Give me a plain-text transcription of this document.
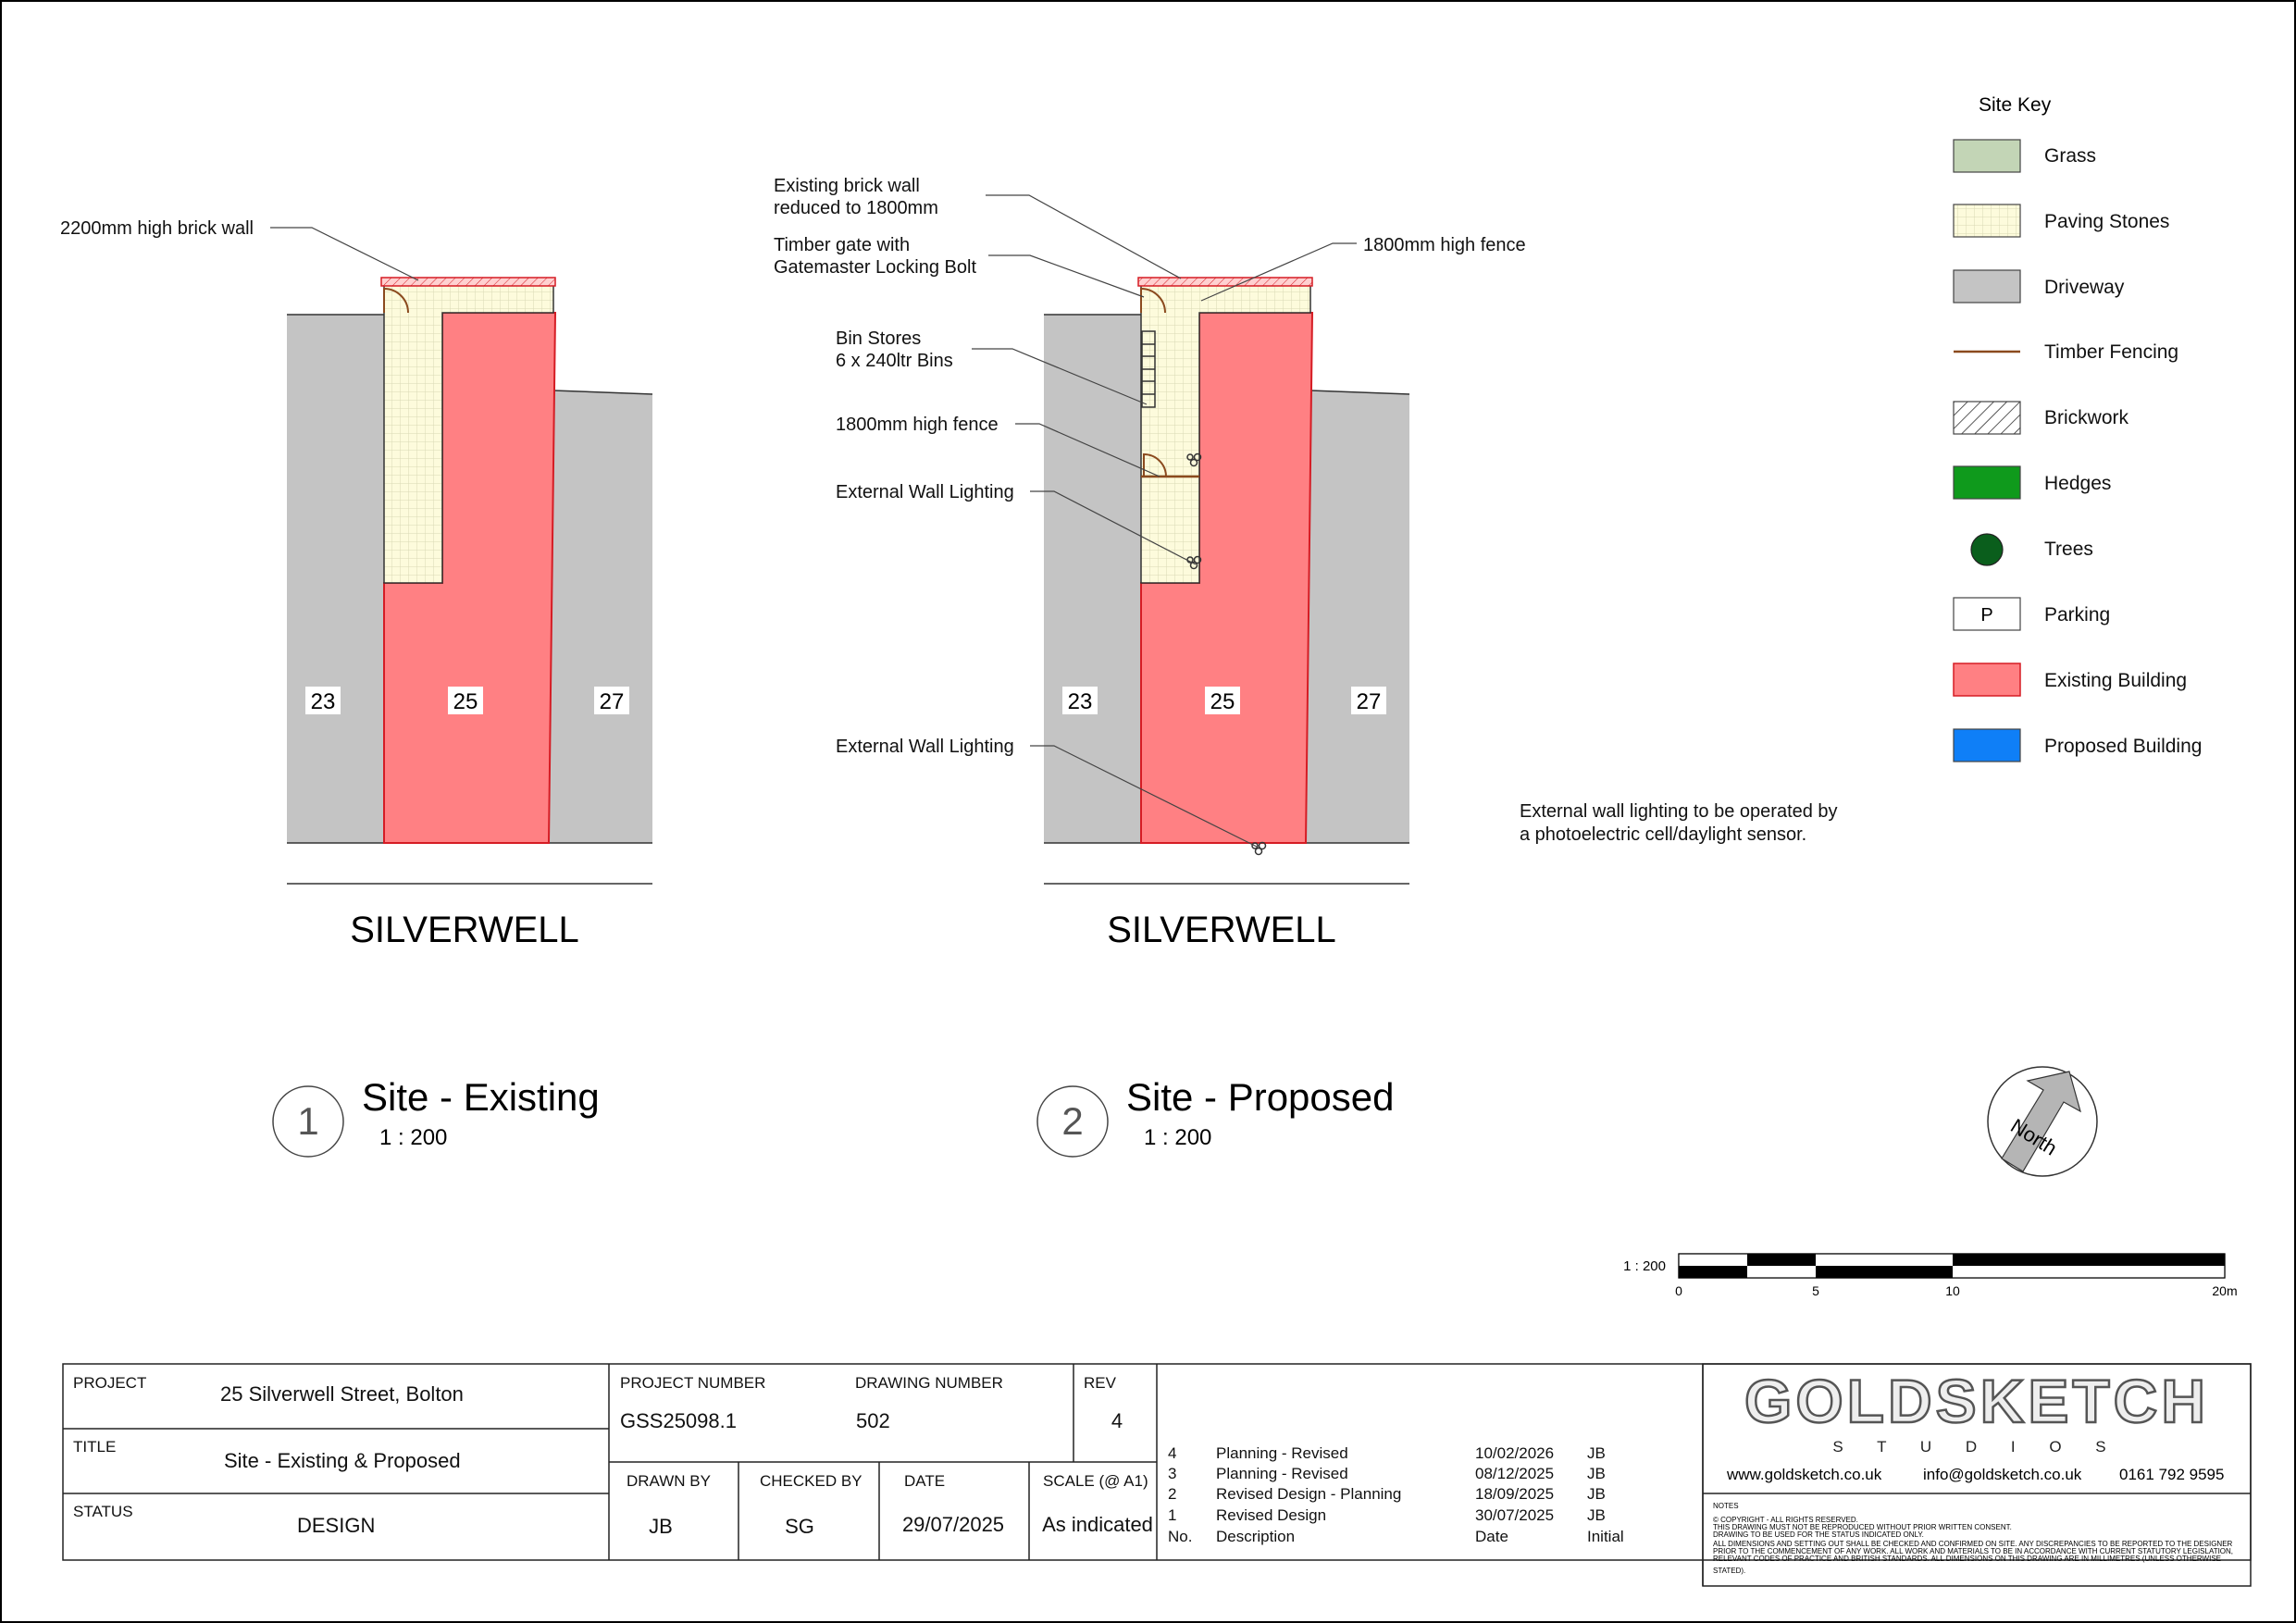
23	25	27
SILVERWELL
2200mm high brick wall
1
Site - Existing
1 : 200
23	25	27
SILVERWELL
Existing brick wall
reduced to 1800mm
Timber gate with
Gatemaster Locking Bolt
Bin Stores
6 x 240ltr Bins
1800mm high fence
External Wall Lighting
External Wall Lighting
1800mm high fence
2
Site - Proposed
1 : 200
External wall lighting to be operated by
a photoelectric cell/daylight sensor.
Site Key
Grass
Paving Stones
Driveway
Timber Fencing
Brickwork
Hedges
Trees
P	Parking
Existing Building
Proposed Building
North
1 : 200
0	5	10	20m
PROJECT	25 Silverwell Street, Bolton
TITLE
Site - Existing & Proposed
STATUS
DESIGN
PROJECT NUMBER
GSS25098.1
DRAWING NUMBER
502
REV
4
DRAWN BY
JB
CHECKED BY
SG
DATE
29/07/2025
SCALE (@ A1)
As indicated
4	Planning - Revised	10/02/2026 JB
3	Planning - Revised	08/12/2025 JB
2	Revised Design - Planning	18/09/2025 JB
1	Revised Design	30/07/2025 JB
No. Description	Date	Initial
GOLDSKETCH
S T U D I O S
www.goldsketch.co.uk	info@goldsketch.co.uk 0161 792 9595
NOTES
© COPYRIGHT - ALL RIGHTS RESERVED.
THIS DRAWING MUST NOT BE REPRODUCED WITHOUT PRIOR WRITTEN CONSENT.
DRAWING TO BE USED FOR THE STATUS INDICATED ONLY.
ALL DIMENSIONS AND SETTING OUT SHALL BE CHECKED AND CONFIRMED ON SITE. ANY DISCREPANCIES TO BE REPORTED TO THE DESIGNER
PRIOR TO THE COMMENCEMENT OF ANY WORK. ALL WORK AND MATERIALS TO BE IN ACCORDANCE WITH CURRENT STATUTORY LEGISLATION,
RELEVANT CODES OF PRACTICE AND BRITISH STANDARDS. ALL DIMENSIONS ON THIS DRAWING ARE IN MILLIMETRES (UNLESS OTHERWISE
STATED).
